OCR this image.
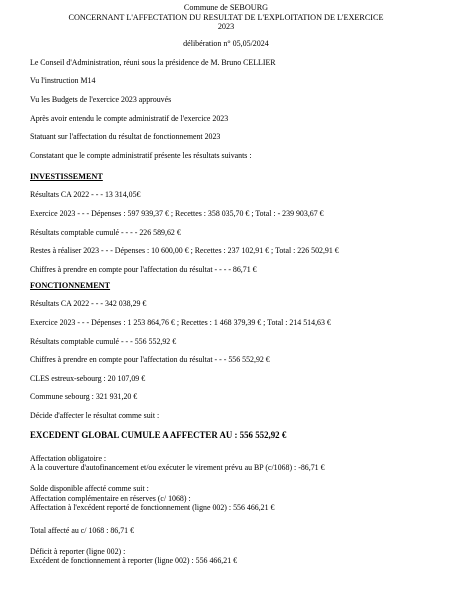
Commune de SEBOURG
CONCERNANT L'AFFECTATION DU RESULTAT DE L'EXPLOITATION DE L'EXERCICE
2023
délibération n° 05,05/2024
Le Conseil d'Administration, réuni sous la présidence de M. Bruno CELLIER
Vu l'instruction M14
Vu les Budgets de l'exercice 2023 approuvés
Après avoir entendu le compte administratif de l'exercice 2023
Statuant sur l'affectation du résultat de fonctionnement 2023
Constatant que le compte administratif présente les résultats suivants :
INVESTISSEMENT
Résultats CA 2022 - - - 13 314,05€
Exercice 2023 - - - Dépenses : 597 939,37 € ; Recettes : 358 035,70 € ; Total : - 239 903,67 €
Résultats comptable cumulé - - - - 226 589,62 €
Restes à réaliser 2023 - - - Dépenses : 10 600,00 € ; Recettes : 237 102,91 € ; Total : 226 502,91 €
Chiffres à prendre en compte pour l'affectation du résultat - - - - 86,71 €
FONCTIONNEMENT
Résultats CA 2022 - - - 342 038,29 €
Exercice 2023 - - - Dépenses : 1 253 864,76 € ; Recettes : 1 468 379,39 € ; Total : 214 514,63 €
Résultats comptable cumulé - - - 556 552,92 €
Chiffres à prendre en compte pour l'affectation du résultat - - - 556 552,92 €
CLES estreux-sebourg : 20 107,09 €
Commune sebourg : 321 931,20 €
Décide d'affecter le résultat comme suit :
EXCEDENT GLOBAL CUMULE A AFFECTER AU : 556 552,92 €
Affectation obligatoire :
A la couverture d'autofinancement et/ou exécuter le virement prévu au BP (c/1068) : -86,71 €
Solde disponible affecté comme suit :
Affectation complémentaire en réserves (c/ 1068) :
Affectation à l'excédent reporté de fonctionnement (ligne 002) : 556 466,21 €
Total affecté au c/ 1068 : 86,71 €
Déficit à reporter (ligne 002) :
Excédent de fonctionnement à reporter (ligne 002) : 556 466,21 €
